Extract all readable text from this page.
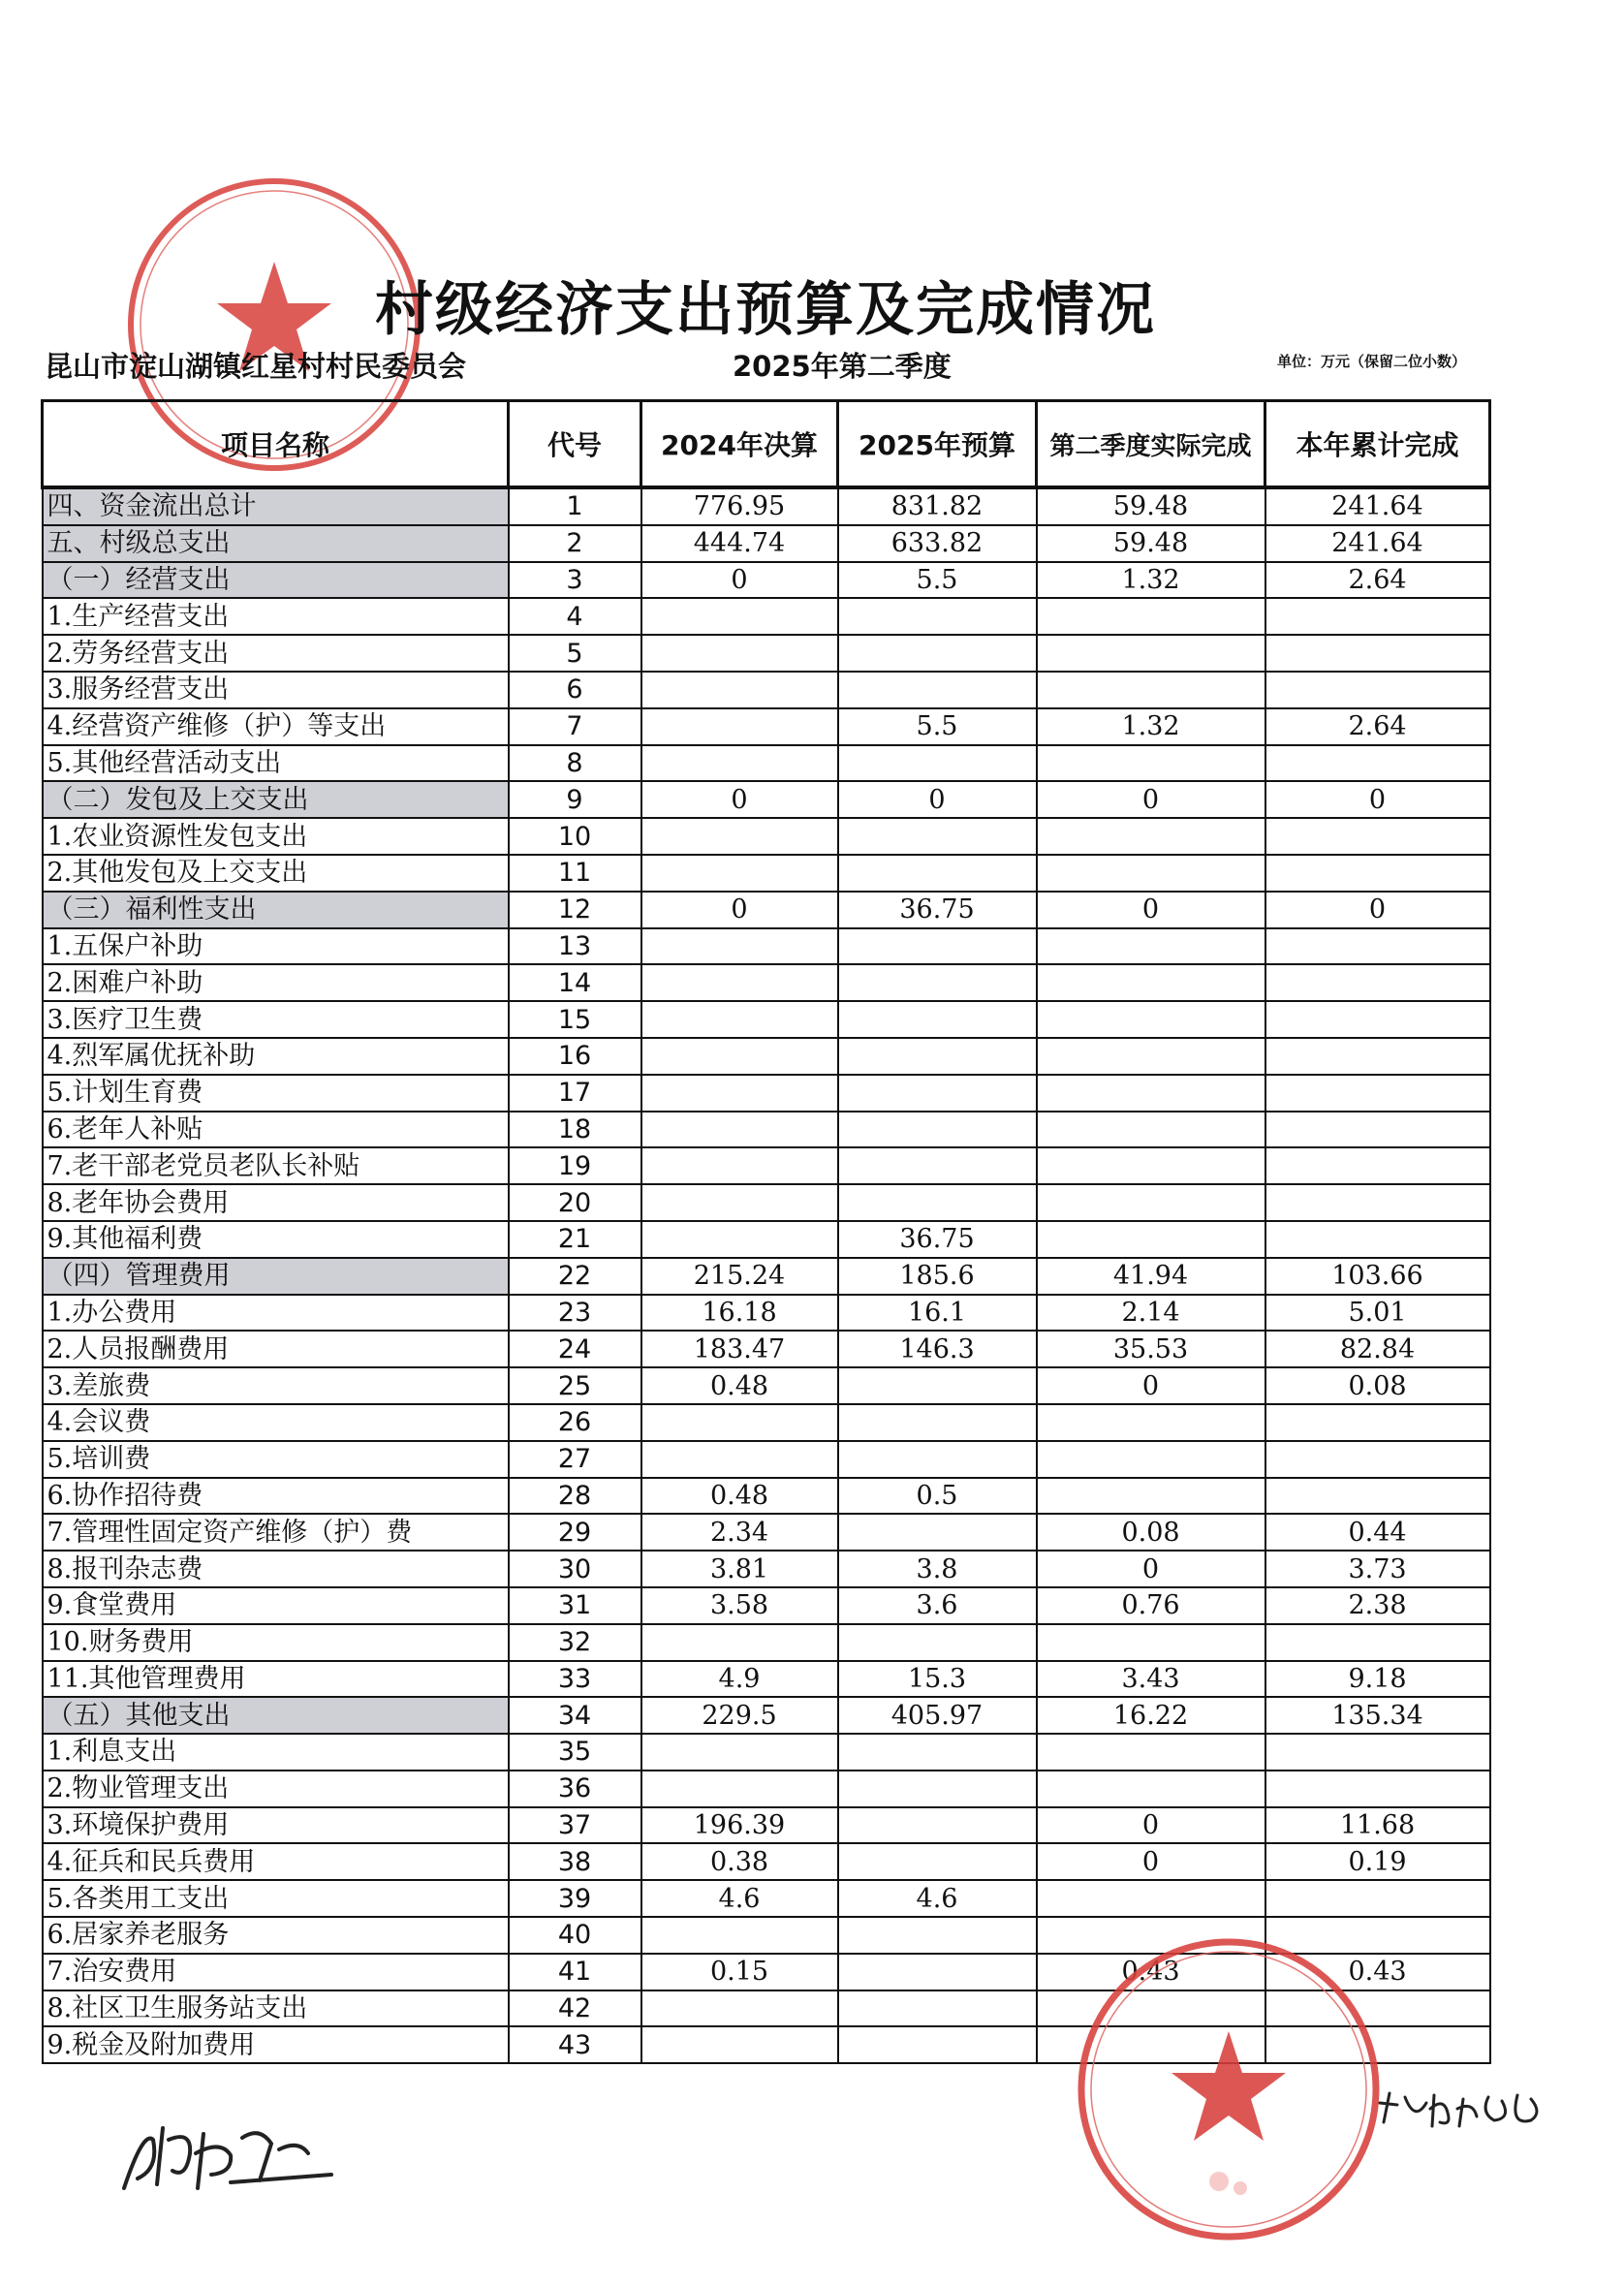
村级经济支出预算及完成情况
昆山市淀山湖镇红星村村民委员会	2025年第二季度	单位：万元（保留二位小数）
项目名称	代号	2024年决算	2025年预算	第二季度实际完成	本年累计完成
四、资金流出总计	1	776.95	831.82	59.48	241.64
五、村级总支出	2	444.74	633.82	59.48	241.64
（一）经营支出	3	0	5.5	1.32	2.64
1.生产经营支出	4				
2.劳务经营支出	5				
3.服务经营支出	6				
4.经营资产维修（护）等支出	7		5.5	1.32	2.64
5.其他经营活动支出	8				
（二）发包及上交支出	9	0	0	0	0
1.农业资源性发包支出	10				
2.其他发包及上交支出	11				
（三）福利性支出	12	0	36.75	0	0
1.五保户补助	13				
2.困难户补助	14				
3.医疗卫生费	15				
4.烈军属优抚补助	16				
5.计划生育费	17				
6.老年人补贴	18				
7.老干部老党员老队长补贴	19				
8.老年协会费用	20				
9.其他福利费	21		36.75		
（四）管理费用	22	215.24	185.6	41.94	103.66
1.办公费用	23	16.18	16.1	2.14	5.01
2.人员报酬费用	24	183.47	146.3	35.53	82.84
3.差旅费	25	0.48		0	0.08
4.会议费	26				
5.培训费	27				
6.协作招待费	28	0.48	0.5		
7.管理性固定资产维修（护）费	29	2.34		0.08	0.44
8.报刊杂志费	30	3.81	3.8	0	3.73
9.食堂费用	31	3.58	3.6	0.76	2.38
10.财务费用	32				
11.其他管理费用	33	4.9	15.3	3.43	9.18
（五）其他支出	34	229.5	405.97	16.22	135.34
1.利息支出	35				
2.物业管理支出	36				
3.环境保护费用	37	196.39		0	11.68
4.征兵和民兵费用	38	0.38		0	0.19
5.各类用工支出	39	4.6	4.6		
6.居家养老服务	40				
7.治安费用	41	0.15		0.43	0.43
8.社区卫生服务站支出	42				
9.税金及附加费用	43				
